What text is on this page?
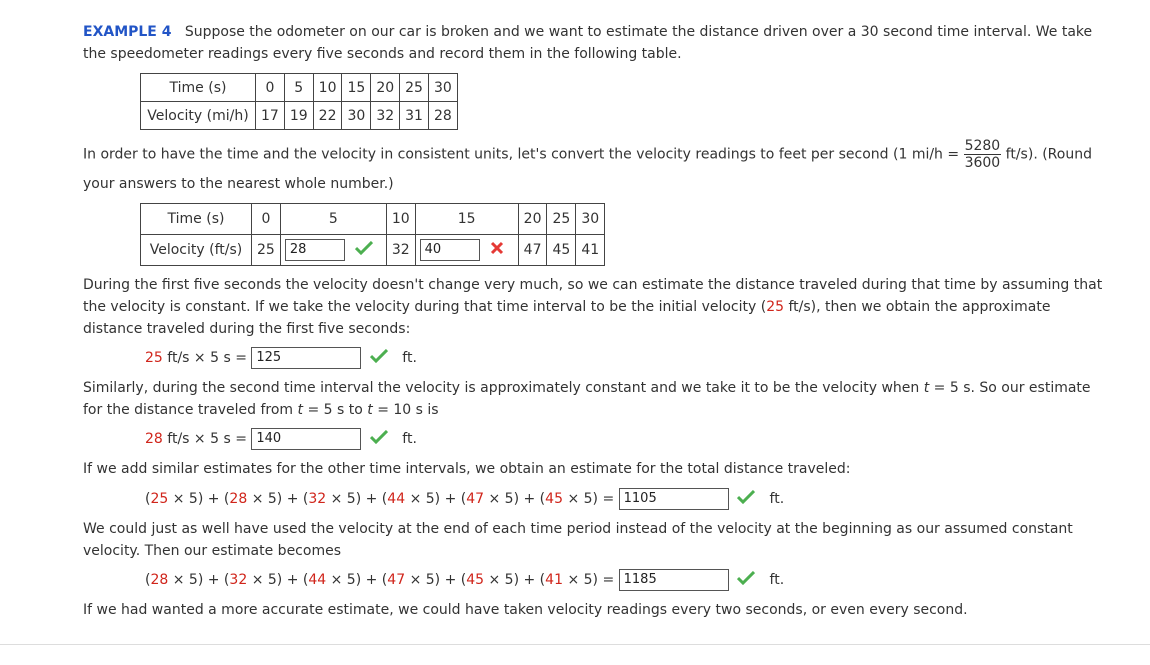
EXAMPLE 4 Suppose the odometer on our car is broken and we want to estimate the distance driven over a 30 second time interval. We take
the speedometer readings every five seconds and record them in the following table.
Time (s)	0	5	10	15	20	25	30
Velocity (mi/h)	17	19	22	30	32	31	28
In order to have the time and the velocity in consistent units, let's convert the velocity readings to feet per second (1 $mi/h = \frac{5280}{3600} ft/s$). (Round
your answers to the nearest whole number.)
Time (s)	0	5	10	15	20	25	30
Velocity (ft/s)	25	28	32	40	47	45	41
During the first five seconds the velocity doesn't change very much, so we can estimate the distance traveled during that time by assuming that
the velocity is constant. If we take the velocity during that time interval to be the initial velocity (25 ft/s), then we obtain the approximate
distance traveled during the first five seconds:
25 ft/s × 5 s = 125	ft.
Similarly, during the second time interval the velocity is approximately constant and we take it to be the velocity when t = 5 s. So our estimate
for the distance traveled from t = 5 s to t = 10 s is
28 ft/s × 5 s = 140	ft.
If we add similar estimates for the other time intervals, we obtain an estimate for the total distance traveled:
(25 × 5) + (28 × 5) + (32 × 5) + (44 × 5) + (47 × 5) + (45 × 5) = 1105	ft.
We could just as well have used the velocity at the end of each time period instead of the velocity at the beginning as our assumed constant
velocity. Then our estimate becomes
(28 × 5) + (32 × 5) + (44 × 5) + (47 × 5) + (45 × 5) + (41 × 5) = 1185	ft.
If we had wanted a more accurate estimate, we could have taken velocity readings every two seconds, or even every second.
